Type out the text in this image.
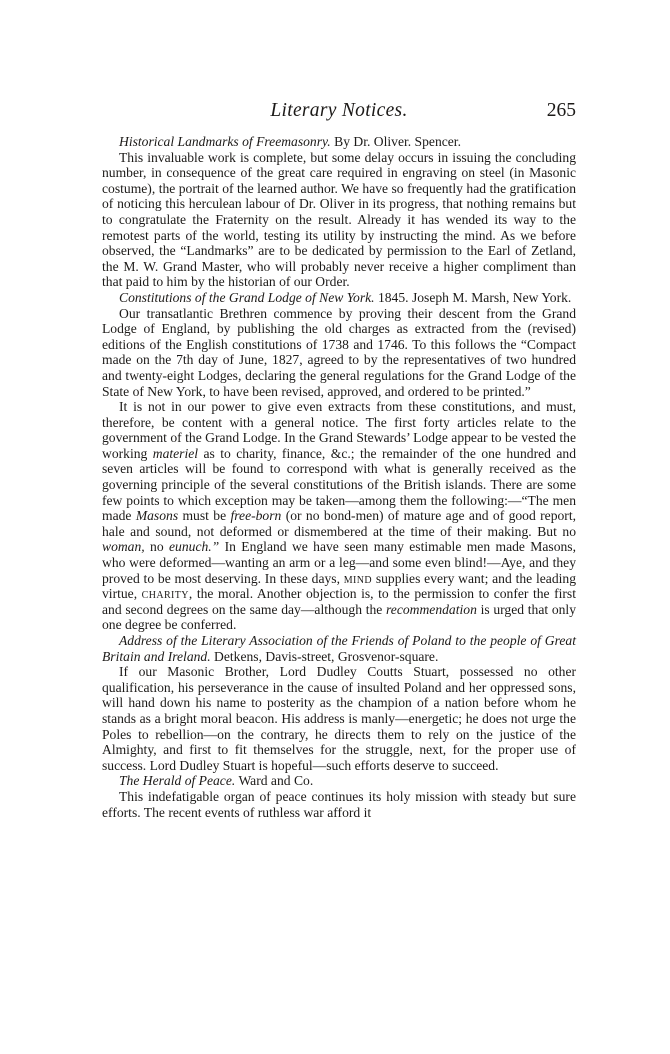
Literary Notices.	265

Historical Landmarks of Freemasonry. By Dr. Oliver. Spencer.

This invaluable work is complete, but some delay occurs in issuing the concluding number, in consequence of the great care required in engraving on steel (in Masonic costume), the portrait of the learned author. We have so frequently had the gratification of noticing this herculean labour of Dr. Oliver in its progress, that nothing remains but to congratulate the Fraternity on the result. Already it has wended its way to the remotest parts of the world, testing its utility by instructing the mind. As we before observed, the “Landmarks” are to be dedicated by permission to the Earl of Zetland, the M. W. Grand Master, who will probably never receive a higher compliment than that paid to him by the historian of our Order.

Constitutions of the Grand Lodge of New York. 1845. Joseph M. Marsh, New York.

Our transatlantic Brethren commence by proving their descent from the Grand Lodge of England, by publishing the old charges as extracted from the (revised) editions of the English constitutions of 1738 and 1746. To this follows the “Compact made on the 7th day of June, 1827, agreed to by the representatives of two hundred and twenty-eight Lodges, declaring the general regulations for the Grand Lodge of the State of New York, to have been revised, approved, and ordered to be printed.”

It is not in our power to give even extracts from these constitutions, and must, therefore, be content with a general notice. The first forty articles relate to the government of the Grand Lodge. In the Grand Stewards’ Lodge appear to be vested the working materiel as to charity, finance, &c.; the remainder of the one hundred and seven articles will be found to correspond with what is generally received as the governing principle of the several constitutions of the British islands. There are some few points to which exception may be taken—among them the following:—“The men made Masons must be free-born (or no bond-men) of mature age and of good report, hale and sound, not deformed or dismembered at the time of their making. But no woman, no eunuch.” In England we have seen many estimable men made Masons, who were deformed—wanting an arm or a leg—and some even blind!—Aye, and they proved to be most deserving. In these days, mind supplies every want; and the leading virtue, charity, the moral. Another objection is, to the permission to confer the first and second degrees on the same day—although the recommendation is urged that only one degree be conferred.

Address of the Literary Association of the Friends of Poland to the people of Great Britain and Ireland. Detkens, Davis-street, Grosvenor-square.

If our Masonic Brother, Lord Dudley Coutts Stuart, possessed no other qualification, his perseverance in the cause of insulted Poland and her oppressed sons, will hand down his name to posterity as the champion of a nation before whom he stands as a bright moral beacon. His address is manly—energetic; he does not urge the Poles to rebellion—on the contrary, he directs them to rely on the justice of the Almighty, and first to fit themselves for the struggle, next, for the proper use of success. Lord Dudley Stuart is hopeful—such efforts deserve to succeed.

The Herald of Peace. Ward and Co.

This indefatigable organ of peace continues its holy mission with steady but sure efforts. The recent events of ruthless war afford it
